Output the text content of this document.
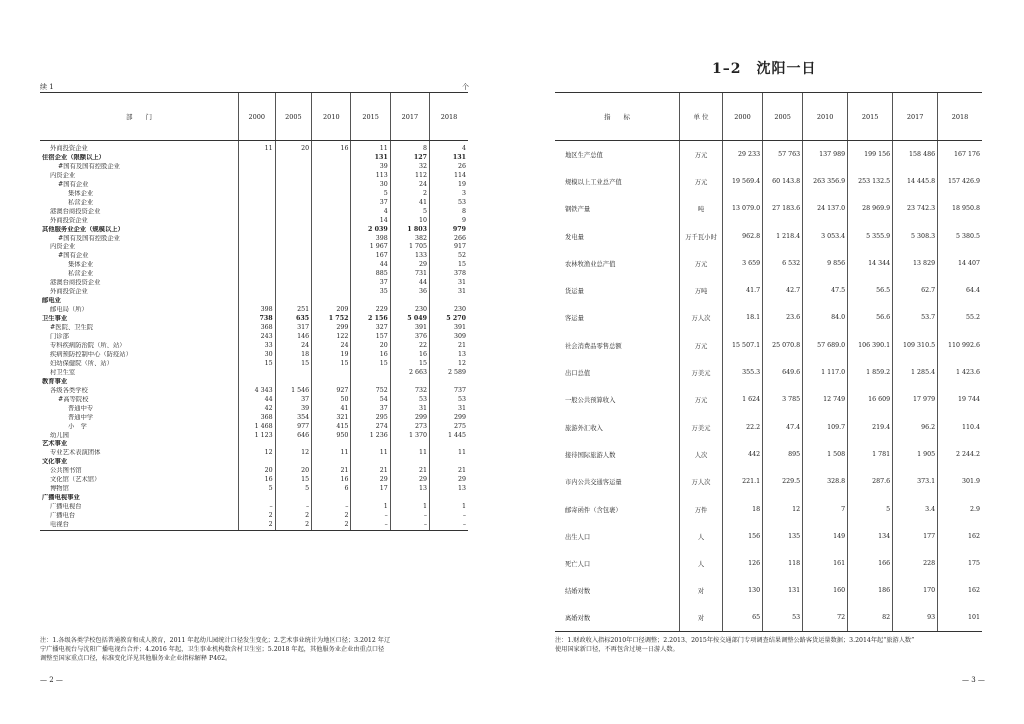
续 1	个
部　　门	2000	2005	2010	2015	2017	2018
外商投资企业	11	20	16	11	8	4
住宿企业（限额以上）				131	127	131
#国有及国有控股企业				39	32	26
内资企业				113	112	114
#国有企业				30	24	19
集体企业				5	2	3
私营企业				37	41	53
港澳台商投资企业				4	5	8
外商投资企业				14	10	9
其他服务业企业（规模以上）				2 039	1 803	979
#国有及国有控股企业				398	382	266
内资企业				1 967	1 705	917
#国有企业				167	133	52
集体企业				44	29	15
私营企业				885	731	378
港澳台商投资企业				37	44	31
外商投资企业				35	36	31
邮电业						
邮电局（所）	398	251	209	229	230	230
卫生事业	738	635	1 752	2 156	5 049	5 270
#医院、卫生院	368	317	299	327	391	391
门诊部	243	146	122	157	376	309
专科疾病防治院（所、站）	33	24	24	20	22	21
疾病预防控制中心（防疫站）	30	18	19	16	16	13
妇幼保健院（所、站）	15	15	15	15	15	12
村卫生室					2 663	2 589
教育事业						
各级各类学校	4 343	1 546	927	752	732	737
#高等院校	44	37	50	54	53	53
普通中专	42	39	41	37	31	31
普通中学	368	354	321	295	299	299
小　学	1 468	977	415	274	273	275
幼儿园	1 123	646	950	1 236	1 370	1 445
艺术事业						
专业艺术表演团体	12	12	11	11	11	11
文化事业						
公共图书馆	20	20	21	21	21	21
文化馆（艺术馆）	16	15	16	29	29	29
博物馆	5	5	6	17	13	13
广播电视事业						
广播电视台	–	–	–	1	1	1
广播电台	2	2	2	–	–	–
电视台	2	2	2	–	–	–
注：1.各级各类学校包括普通教育和成人教育，2011 年起幼儿园统计口径发生变化；2.艺术事业统计为地区口径；3.2012 年辽
宁广播电视台与沈阳广播电视台合并；4.2016 年起，卫生事业机构数含村卫生室；5.2018 年起，其他服务业企业由重点口径
调整至国家重点口径，标准变化详见其他服务业企业指标解释 P462。
— 2 —
1–2　沈阳一日
指　　标	单 位	2000	2005	2010	2015	2017	2018
地区生产总值	万元	29 233	57 763	137 989	199 156	158 486	167 176
规模以上工业总产值	万元	19 569.4	60 143.8	263 356.9	253 132.5	14 445.8	157 426.9
钢铁产量	吨	13 079.0	27 183.6	24 137.0	28 969.9	23 742.3	18 950.8
发电量	万千瓦小时	962.8	1 218.4	3 053.4	5 355.9	5 308.3	5 380.5
农林牧渔业总产值	万元	3 659	6 532	9 856	14 344	13 829	14 407
货运量	万吨	41.7	42.7	47.5	56.5	62.7	64.4
客运量	万人次	18.1	23.6	84.0	56.6	53.7	55.2
社会消费品零售总额	万元	15 507.1	25 070.8	57 689.0	106 390.1	109 310.5	110 992.6
出口总值	万美元	355.3	649.6	1 117.0	1 859.2	1 285.4	1 423.6
一般公共预算收入	万元	1 624	3 785	12 749	16 609	17 979	19 744
旅游外汇收入	万美元	22.2	47.4	109.7	219.4	96.2	110.4
接待国际旅游人数	人次	442	895	1 508	1 781	1 905	2 244.2
市内公共交通客运量	万人次	221.1	229.5	328.8	287.6	373.1	301.9
邮寄函件（含包裹）	万件	18	12	7	5	3.4	2.9
出生人口	人	156	135	149	134	177	162
死亡人口	人	126	118	161	166	228	175
结婚对数	对	130	131	160	186	170	162
离婚对数	对	65	53	72	82	93	101
注：1.财政收入指标2010年口径调整；2.2013、2015年按交通部门专项调查结果调整公路客货运量数据；3.2014年起“旅游人数”
使用国家新口径，不再包含过境一日游人数。
— 3 —
